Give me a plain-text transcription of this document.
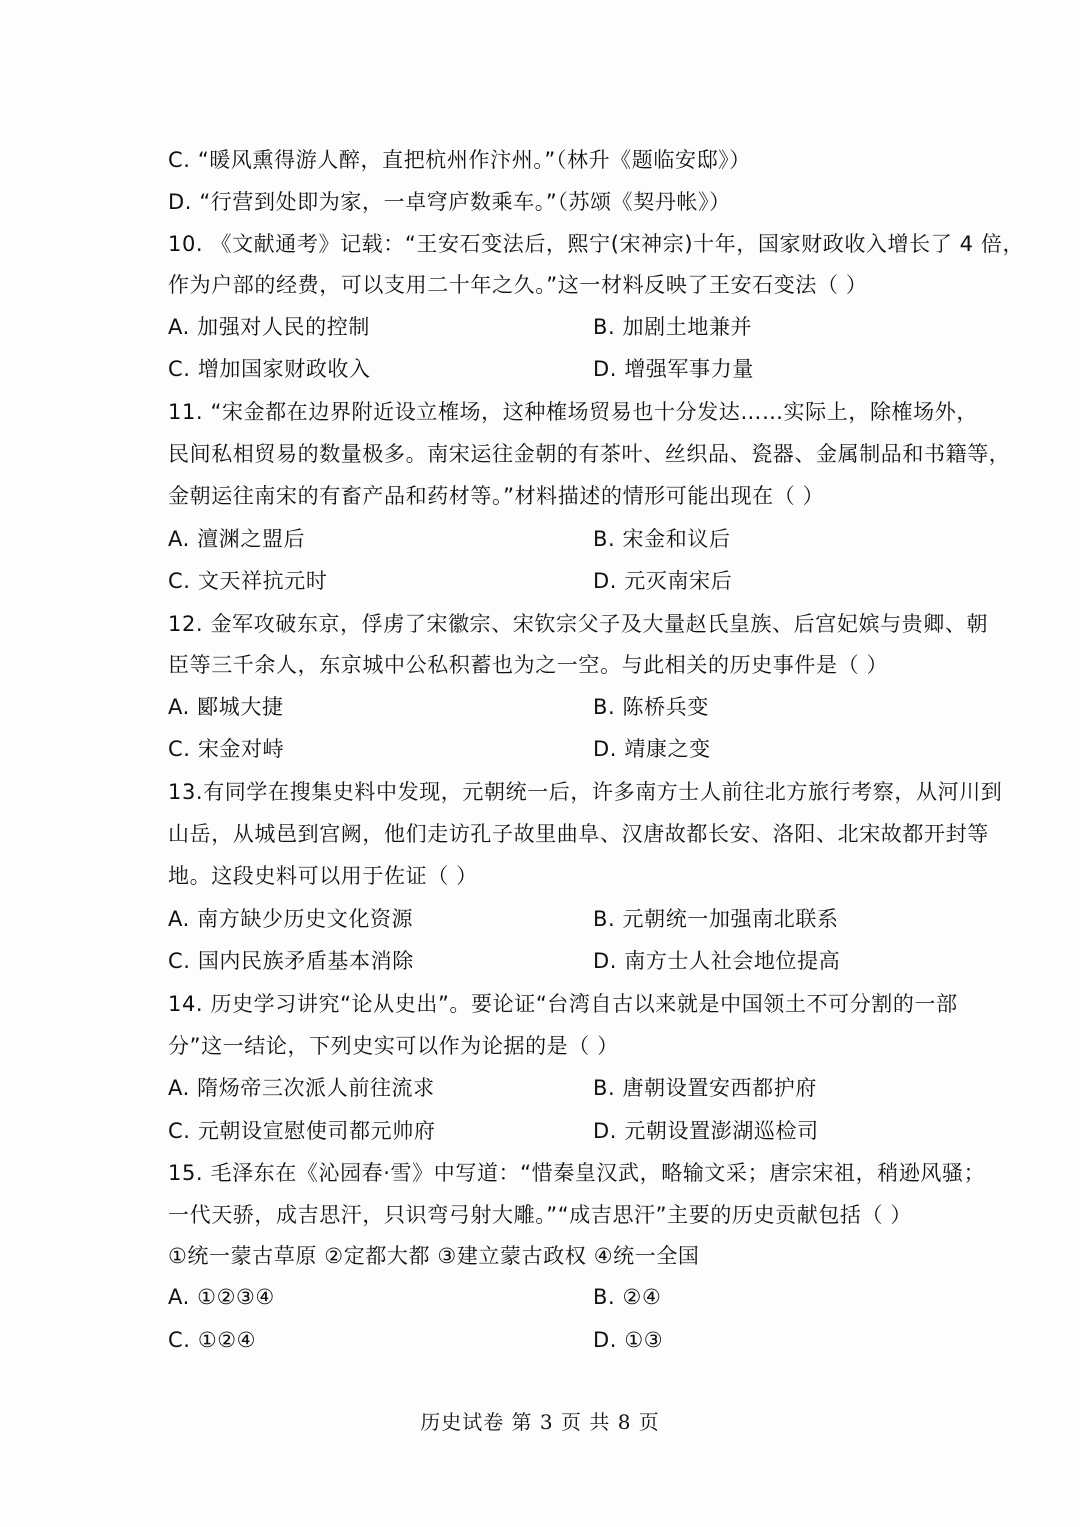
C. “暖风熏得游人醉，直把杭州作汴州。”（林升《题临安邸》）
D. “行营到处即为家，一卓穹庐数乘车。”（苏颂《契丹帐》）
10. 《文献通考》记载：“王安石变法后，熙宁(宋神宗)十年，国家财政收入增长了 4 倍，
作为户部的经费，可以支用二十年之久。”这一材料反映了王安石变法（ ）
A. 加强对人民的控制	B. 加剧土地兼并
C. 增加国家财政收入	D. 增强军事力量
11. “宋金都在边界附近设立榷场，这种榷场贸易也十分发达……实际上，除榷场外，
民间私相贸易的数量极多。南宋运往金朝的有茶叶、丝织品、瓷器、金属制品和书籍等，
金朝运往南宋的有畜产品和药材等。”材料描述的情形可能出现在（ ）
A. 澶渊之盟后	B. 宋金和议后
C. 文天祥抗元时	D. 元灭南宋后
12. 金军攻破东京，俘虏了宋徽宗、宋钦宗父子及大量赵氏皇族、后宫妃嫔与贵卿、朝
臣等三千余人，东京城中公私积蓄也为之一空。与此相关的历史事件是（ ）
A. 郾城大捷	B. 陈桥兵变
C. 宋金对峙	D. 靖康之变
13.有同学在搜集史料中发现，元朝统一后，许多南方士人前往北方旅行考察，从河川到
山岳，从城邑到宫阙，他们走访孔子故里曲阜、汉唐故都长安、洛阳、北宋故都开封等
地。这段史料可以用于佐证（ ）
A. 南方缺少历史文化资源	B. 元朝统一加强南北联系
C. 国内民族矛盾基本消除	D. 南方士人社会地位提高
14. 历史学习讲究“论从史出”。要论证“台湾自古以来就是中国领土不可分割的一部
分”这一结论，下列史实可以作为论据的是（ ）
A. 隋炀帝三次派人前往流求	B. 唐朝设置安西都护府
C. 元朝设宣慰使司都元帅府	D. 元朝设置澎湖巡检司
15. 毛泽东在《沁园春·雪》中写道：“惜秦皇汉武，略输文采；唐宗宋祖，稍逊风骚；
一代天骄，成吉思汗，只识弯弓射大雕。”“成吉思汗”主要的历史贡献包括（ ）
①统一蒙古草原 ②定都大都 ③建立蒙古政权 ④统一全国
A. ①②③④	B. ②④
C. ①②④	D. ①③
历史试卷 第 3 页 共 8 页
